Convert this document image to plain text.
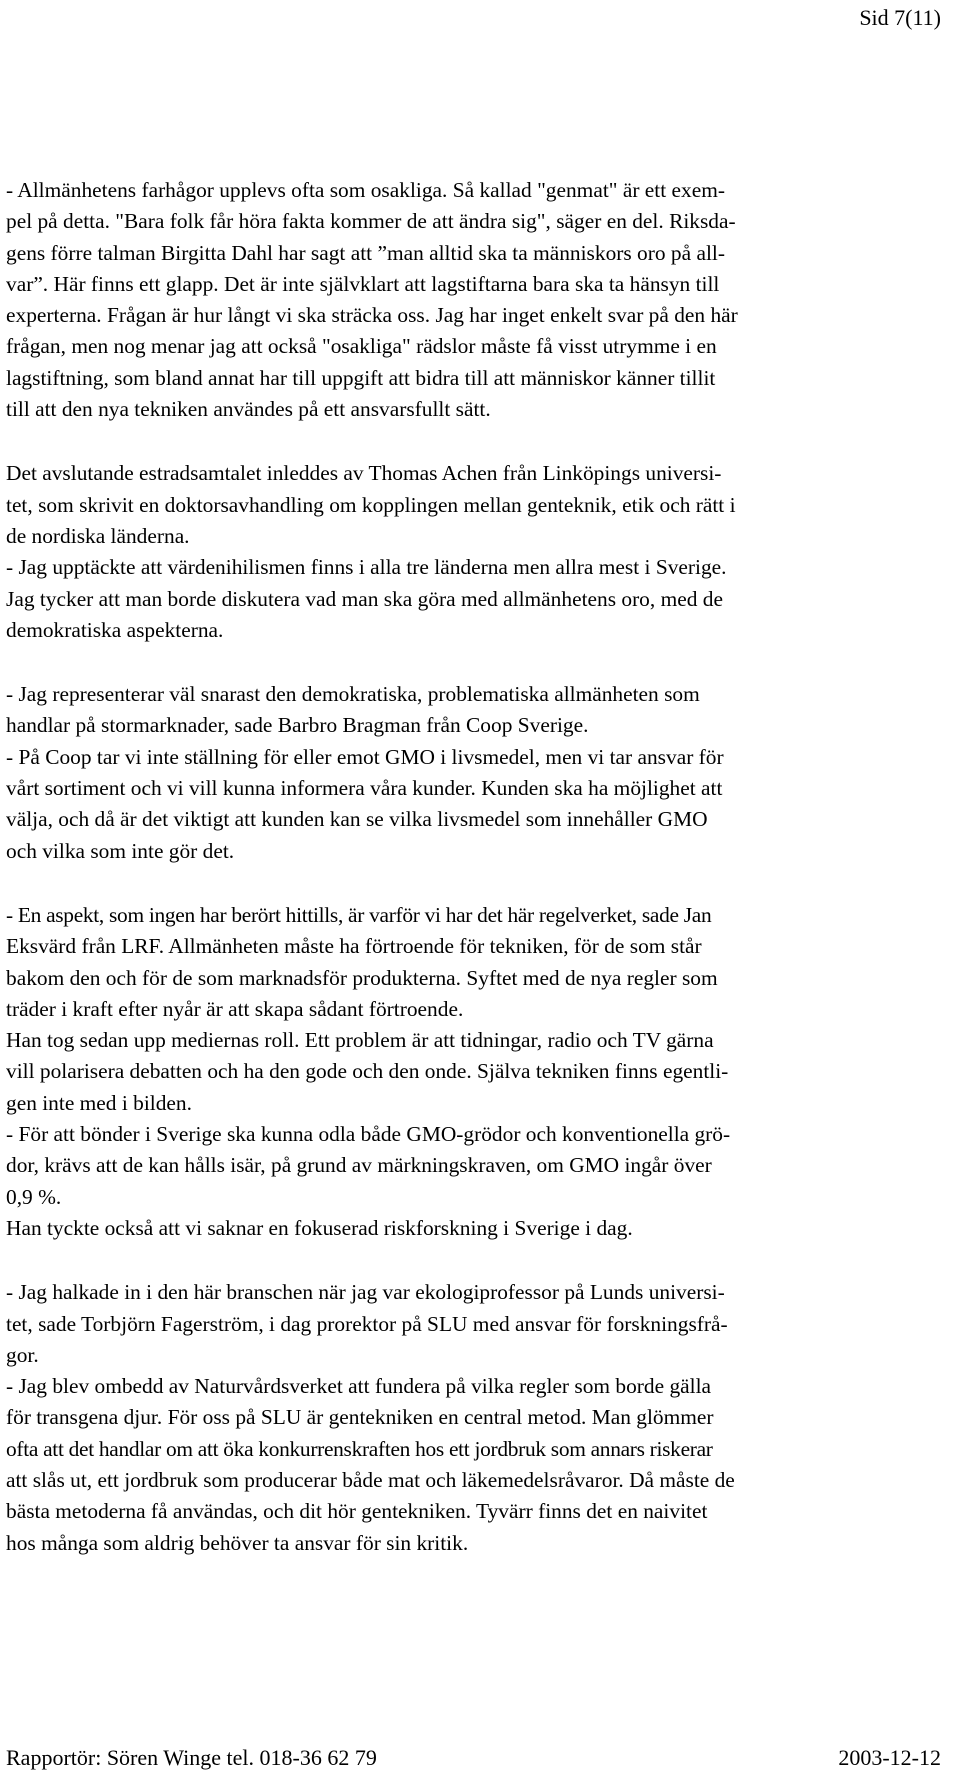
Sid 7(11)
- Allmänhetens farhågor upplevs ofta som osakliga. Så kallad "genmat" är ett exem-
pel på detta. "Bara folk får höra fakta kommer de att ändra sig", säger en del. Riksda-
gens förre talman Birgitta Dahl har sagt att ”man alltid ska ta människors oro på all-
var”. Här finns ett glapp. Det är inte självklart att lagstiftarna bara ska ta hänsyn till
experterna. Frågan är hur långt vi ska sträcka oss. Jag har inget enkelt svar på den här
frågan, men nog menar jag att också "osakliga" rädslor måste få visst utrymme i en
lagstiftning, som bland annat har till uppgift att bidra till att människor känner tillit
till att den nya tekniken användes på ett ansvarsfullt sätt.
Det avslutande estradsamtalet inleddes av Thomas Achen från Linköpings universi-
tet, som skrivit en doktorsavhandling om kopplingen mellan genteknik, etik och rätt i
de nordiska länderna.
- Jag upptäckte att värdenihilismen finns i alla tre länderna men allra mest i Sverige.
Jag tycker att man borde diskutera vad man ska göra med allmänhetens oro, med de
demokratiska aspekterna.
- Jag representerar väl snarast den demokratiska, problematiska allmänheten som
handlar på stormarknader, sade Barbro Bragman från Coop Sverige.
- På Coop tar vi inte ställning för eller emot GMO i livsmedel, men vi tar ansvar för
vårt sortiment och vi vill kunna informera våra kunder. Kunden ska ha möjlighet att
välja, och då är det viktigt att kunden kan se vilka livsmedel som innehåller GMO
och vilka som inte gör det.
- En aspekt, som ingen har berört hittills, är varför vi har det här regelverket, sade Jan
Eksvärd från LRF. Allmänheten måste ha förtroende för tekniken, för de som står
bakom den och för de som marknadsför produkterna. Syftet med de nya regler som
träder i kraft efter nyår är att skapa sådant förtroende.
Han tog sedan upp mediernas roll. Ett problem är att tidningar, radio och TV gärna
vill polarisera debatten och ha den gode och den onde. Själva tekniken finns egentli-
gen inte med i bilden.
- För att bönder i Sverige ska kunna odla både GMO-grödor och konventionella grö-
dor, krävs att de kan hålls isär, på grund av märkningskraven, om GMO ingår över
0,9 %.
Han tyckte också att vi saknar en fokuserad riskforskning i Sverige i dag.
- Jag halkade in i den här branschen när jag var ekologiprofessor på Lunds universi-
tet, sade Torbjörn Fagerström, i dag prorektor på SLU med ansvar för forskningsfrå-
gor.
- Jag blev ombedd av Naturvårdsverket att fundera på vilka regler som borde gälla
för transgena djur. För oss på SLU är gentekniken en central metod. Man glömmer
ofta att det handlar om att öka konkurrenskraften hos ett jordbruk som annars riskerar
att slås ut, ett jordbruk som producerar både mat och läkemedelsråvaror. Då måste de
bästa metoderna få användas, och dit hör gentekniken. Tyvärr finns det en naivitet
hos många som aldrig behöver ta ansvar för sin kritik.
Rapportör: Sören Winge tel. 018-36 62 79	2003-12-12
